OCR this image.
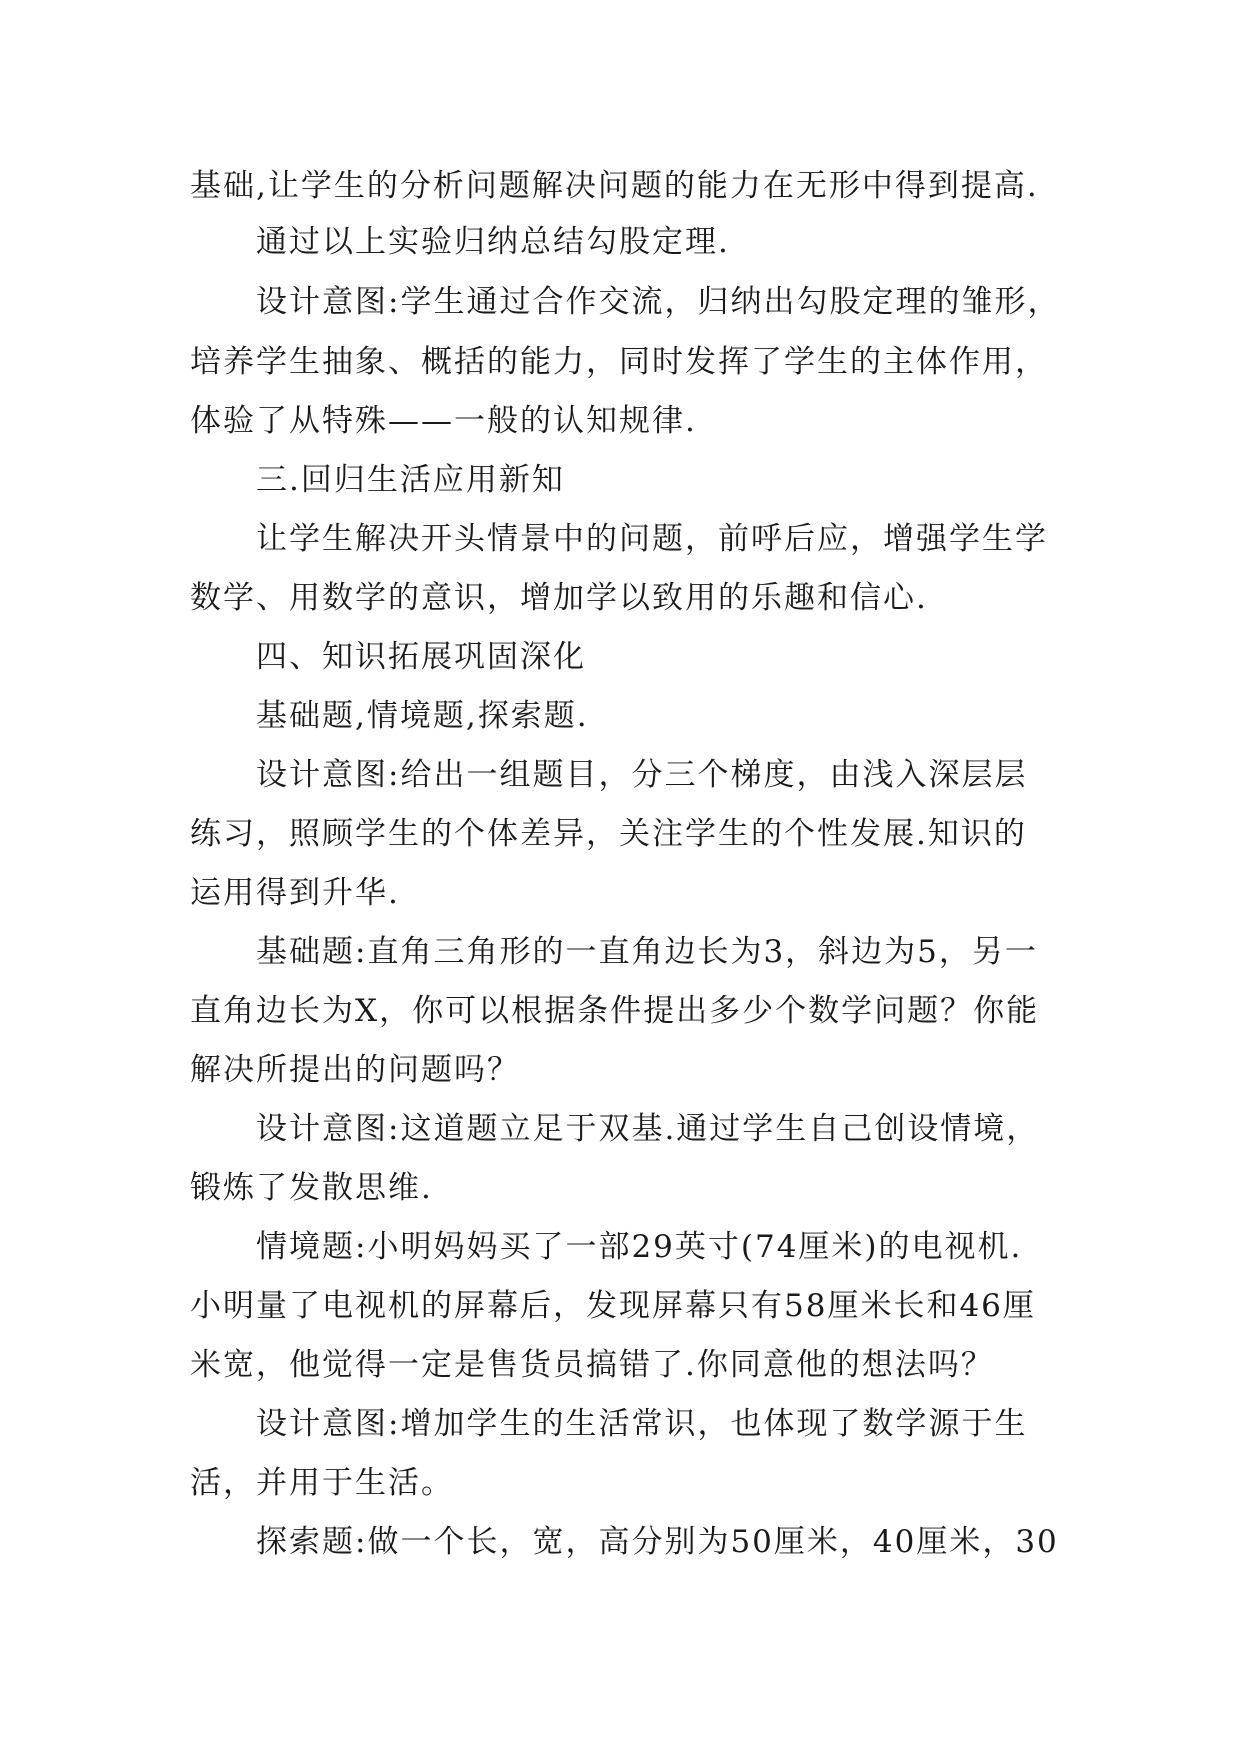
基础,让学生的分析问题解决问题的能力在无形中得到提高.
通过以上实验归纳总结勾股定理.
设计意图:学生通过合作交流，归纳出勾股定理的雏形，
培养学生抽象、概括的能力，同时发挥了学生的主体作用，
体验了从特殊——一般的认知规律.
三.回归生活应用新知
让学生解决开头情景中的问题，前呼后应，增强学生学
数学、用数学的意识，增加学以致用的乐趣和信心.
四、知识拓展巩固深化
基础题,情境题,探索题.
设计意图:给出一组题目，分三个梯度，由浅入深层层
练习，照顾学生的个体差异，关注学生的个性发展.知识的
运用得到升华.
基础题:直角三角形的一直角边长为3，斜边为5，另一
直角边长为X，你可以根据条件提出多少个数学问题？你能
解决所提出的问题吗？
设计意图:这道题立足于双基.通过学生自己创设情境，
锻炼了发散思维.
情境题:小明妈妈买了一部29英寸(74厘米)的电视机.
小明量了电视机的屏幕后，发现屏幕只有58厘米长和46厘
米宽，他觉得一定是售货员搞错了.你同意他的想法吗？
设计意图:增加学生的生活常识，也体现了数学源于生
活，并用于生活。
探索题:做一个长，宽，高分别为50厘米，40厘米，30
